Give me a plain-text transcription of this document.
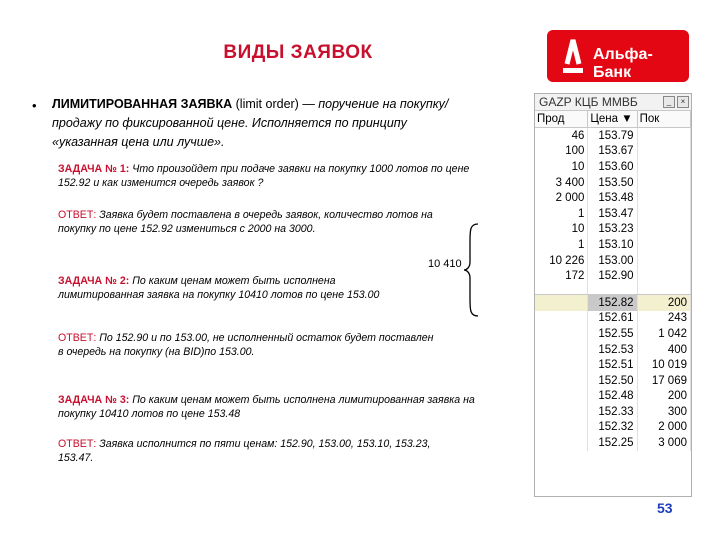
ВИДЫ ЗАЯВОК	Альфа-Банк
• ЛИМИТИРОВАННАЯ ЗАЯВКА (limit order) — поручение на покупку/продажу по фиксированной цене. Исполняется по принципу «указанная цена или лучше».
ЗАДАЧА № 1: Что произойдет при подаче заявки на покупку 1000 лотов по цене 152.92 и как изменится очередь заявок ?
ОТВЕТ: Заявка будет поставлена в очередь заявок, количество лотов на покупку по цене 152.92 измениться с 2000 на 3000.
ЗАДАЧА № 2: По каким ценам может быть исполнена лимитированная заявка на покупку 10410 лотов по цене 153.00
ОТВЕТ: По 152.90 и по 153.00, не исполненный остаток будет поставлен в очередь на покупку (на BID)по 153.00.
ЗАДАЧА № 3: По каким ценам может быть исполнена лимитированная заявка на покупку 10410 лотов по цене 153.48
ОТВЕТ: Заявка исполнится по пяти ценам: 152.90, 153.00, 153.10, 153.23, 153.47.
10 410
GAZP КЦБ ММВБ	_	×
Прод	Цена ▼	Пок
46	153.79	
100	153.67	
10	153.60	
3 400	153.50	
2 000	153.48	
1	153.47	
10	153.23	
1	153.10	
10 226	153.00	
172	152.90	

	152.82	200
	152.61	243
	152.55	1 042
	152.53	400
	152.51	10 019
	152.50	17 069
	152.48	200
	152.33	300
	152.32	2 000
	152.25	3 000
53
